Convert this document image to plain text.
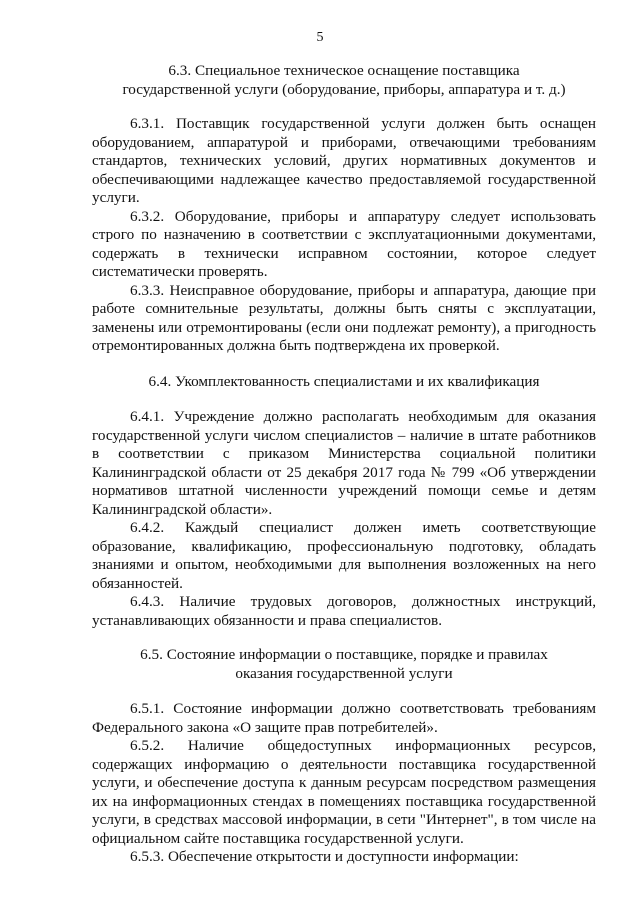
5
6.3. Специальное техническое оснащение поставщика
государственной услуги (оборудование, приборы, аппаратура и т. д.)

6.3.1. Поставщик государственной услуги должен быть оснащен оборудованием, аппаратурой и приборами, отвечающими требованиям стандартов, технических условий, других нормативных документов и обеспечивающими надлежащее качество предоставляемой государственной услуги.

6.3.2. Оборудование, приборы и аппаратуру следует использовать строго по назначению в соответствии с эксплуатационными документами, содержать в технически исправном состоянии, которое следует систематически проверять.

6.3.3. Неисправное оборудование, приборы и аппаратура, дающие при работе сомнительные результаты, должны быть сняты с эксплуатации, заменены или отремонтированы (если они подлежат ремонту), а пригодность отремонтированных должна быть подтверждена их проверкой.

6.4. Укомплектованность специалистами и их квалификация

6.4.1. Учреждение должно располагать необходимым для оказания государственной услуги числом специалистов – наличие в штате работников в соответствии с приказом Министерства социальной политики Калининградской области от 25 декабря 2017 года № 799 «Об утверждении нормативов штатной численности учреждений помощи семье и детям Калининградской области».

6.4.2. Каждый специалист должен иметь соответствующие образование, квалификацию, профессиональную подготовку, обладать знаниями и опытом, необходимыми для выполнения возложенных на него обязанностей.

6.4.3. Наличие трудовых договоров, должностных инструкций, устанавливающих обязанности и права специалистов.

6.5. Состояние информации о поставщике, порядке и правилах
оказания государственной услуги

6.5.1. Состояние информации должно соответствовать требованиям Федерального закона «О защите прав потребителей».

6.5.2. Наличие общедоступных информационных ресурсов, содержащих информацию о деятельности поставщика государственной услуги, и обеспечение доступа к данным ресурсам посредством размещения их на информационных стендах в помещениях поставщика государственной услуги, в средствах массовой информации, в сети "Интернет", в том числе на официальном сайте поставщика государственной услуги.

6.5.3. Обеспечение открытости и доступности информации:
